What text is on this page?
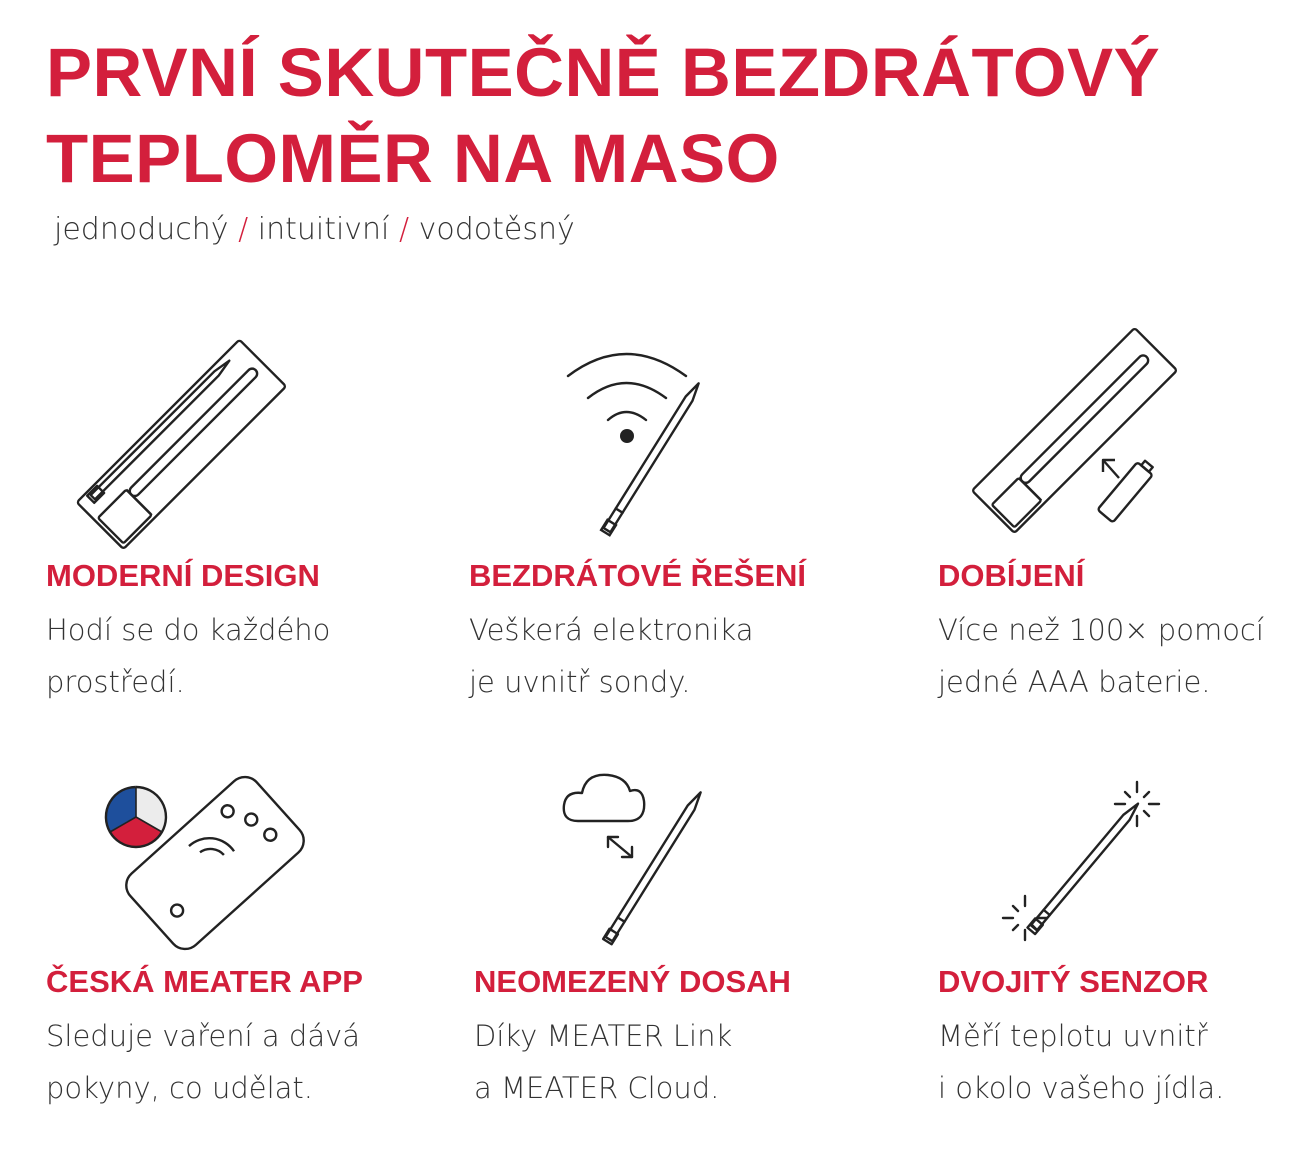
PRVNÍ SKUTEČNĚ BEZDRÁTOVÝ
TEPLOMĚR NA MASO
jednoduchý / intuitivní / vodotěsný
MODERNÍ DESIGN

Hodí se do každého
prostředí.

BEZDRÁTOVÉ ŘEŠENÍ

Veškerá elektronika
je uvnitř sondy.

DOBÍJENÍ

Více než 100× pomocí
jedné AAA baterie.

ČESKÁ MEATER APP

Sleduje vaření a dává
pokyny, co udělat.

NEOMEZENÝ DOSAH

Díky MEATER Link
a MEATER Cloud.

DVOJITÝ SENZOR

Měří teplotu uvnitř
i okolo vašeho jídla.
